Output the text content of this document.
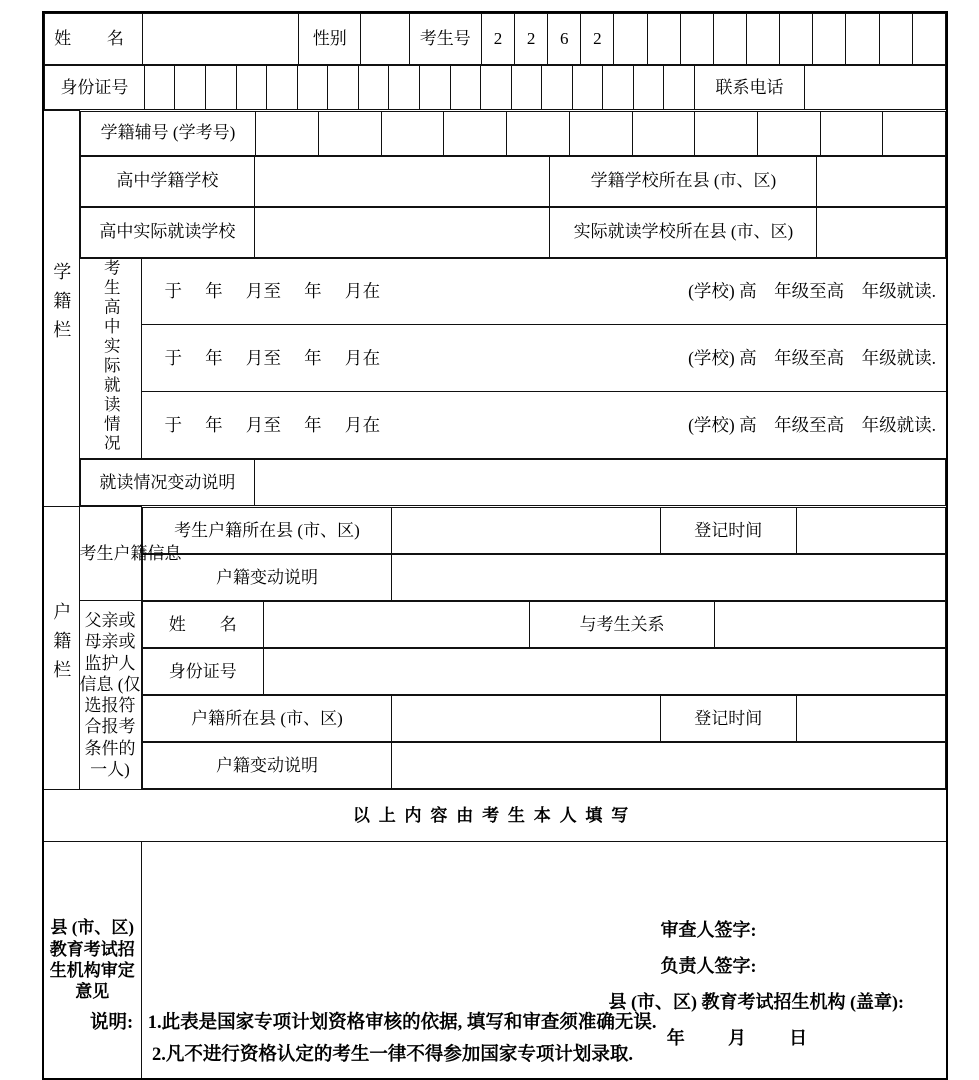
姓　名		性别		考生号	2	2	6	2										

身份证号																			联系电话	

学籍栏	
学籍辅号 (学考号)											

高中学籍学校		学籍学校所在县 (市、区)	

高中实际就读学校		实际就读学校所在县 (市、区)	

考生高中实际就读情况	于 年 月至 年 月在	(学校) 高　年级至高　年级就读.

于 年 月至 年 月在	(学校) 高　年级至高　年级就读.

于 年 月至 年 月在	(学校) 高　年级至高　年级就读.

就读情况变动说明	

户籍栏	考生户籍信息	
考生户籍所在县 (市、区)		登记时间	

户籍变动说明	

父亲或母亲或监护人信息 (仅选报符合报考条件的一人)	
姓　　名		与考生关系	

身份证号	

户籍所在县 (市、区)		登记时间	

户籍变动说明	

以上内容由考生本人填写
县 (市、区) 教育考试招生机构审定意见	
审查人签字:
负责人签字:
县 (市、区) 教育考试招生机构 (盖章):
年　月　日
说明: 1.此表是国家专项计划资格审核的依据, 填写和审查须准确无误.
2.凡不进行资格认定的考生一律不得参加国家专项计划录取.
